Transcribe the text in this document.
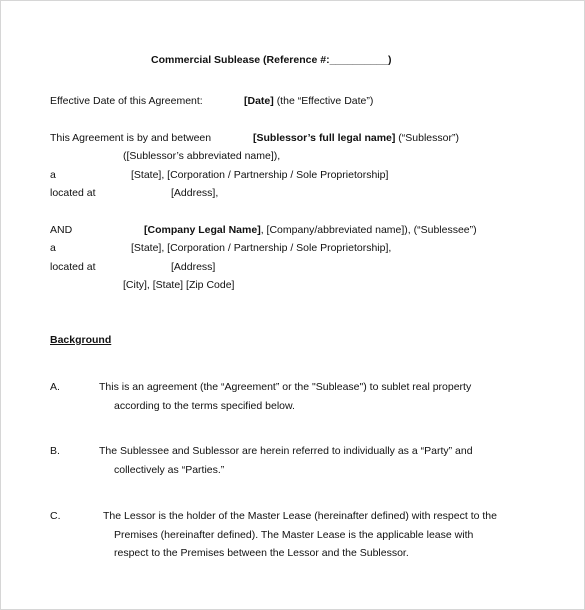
Commercial Sublease (Reference #:__________)
Effective Date of this Agreement:	[Date] (the “Effective Date”)
This Agreement is by and between	[Sublessor’s full legal name] (“Sublessor”)
([Sublessor’s abbreviated name]),
a	[State], [Corporation / Partnership / Sole Proprietorship]
located at	[Address],
AND	[Company Legal Name], [Company/abbreviated name]), (“Sublessee”)
a	[State], [Corporation / Partnership / Sole Proprietorship],
located at	[Address]
[City], [State] [Zip Code]
Background
A.	This is an agreement (the “Agreement” or the "Sublease") to sublet real property
according to the terms specified below.
B.	The Sublessee and Sublessor are herein referred to individually as a “Party” and
collectively as “Parties.”
C.	The Lessor is the holder of the Master Lease (hereinafter defined) with respect to the
Premises (hereinafter defined). The Master Lease is the applicable lease with
respect to the Premises between the Lessor and the Sublessor.
